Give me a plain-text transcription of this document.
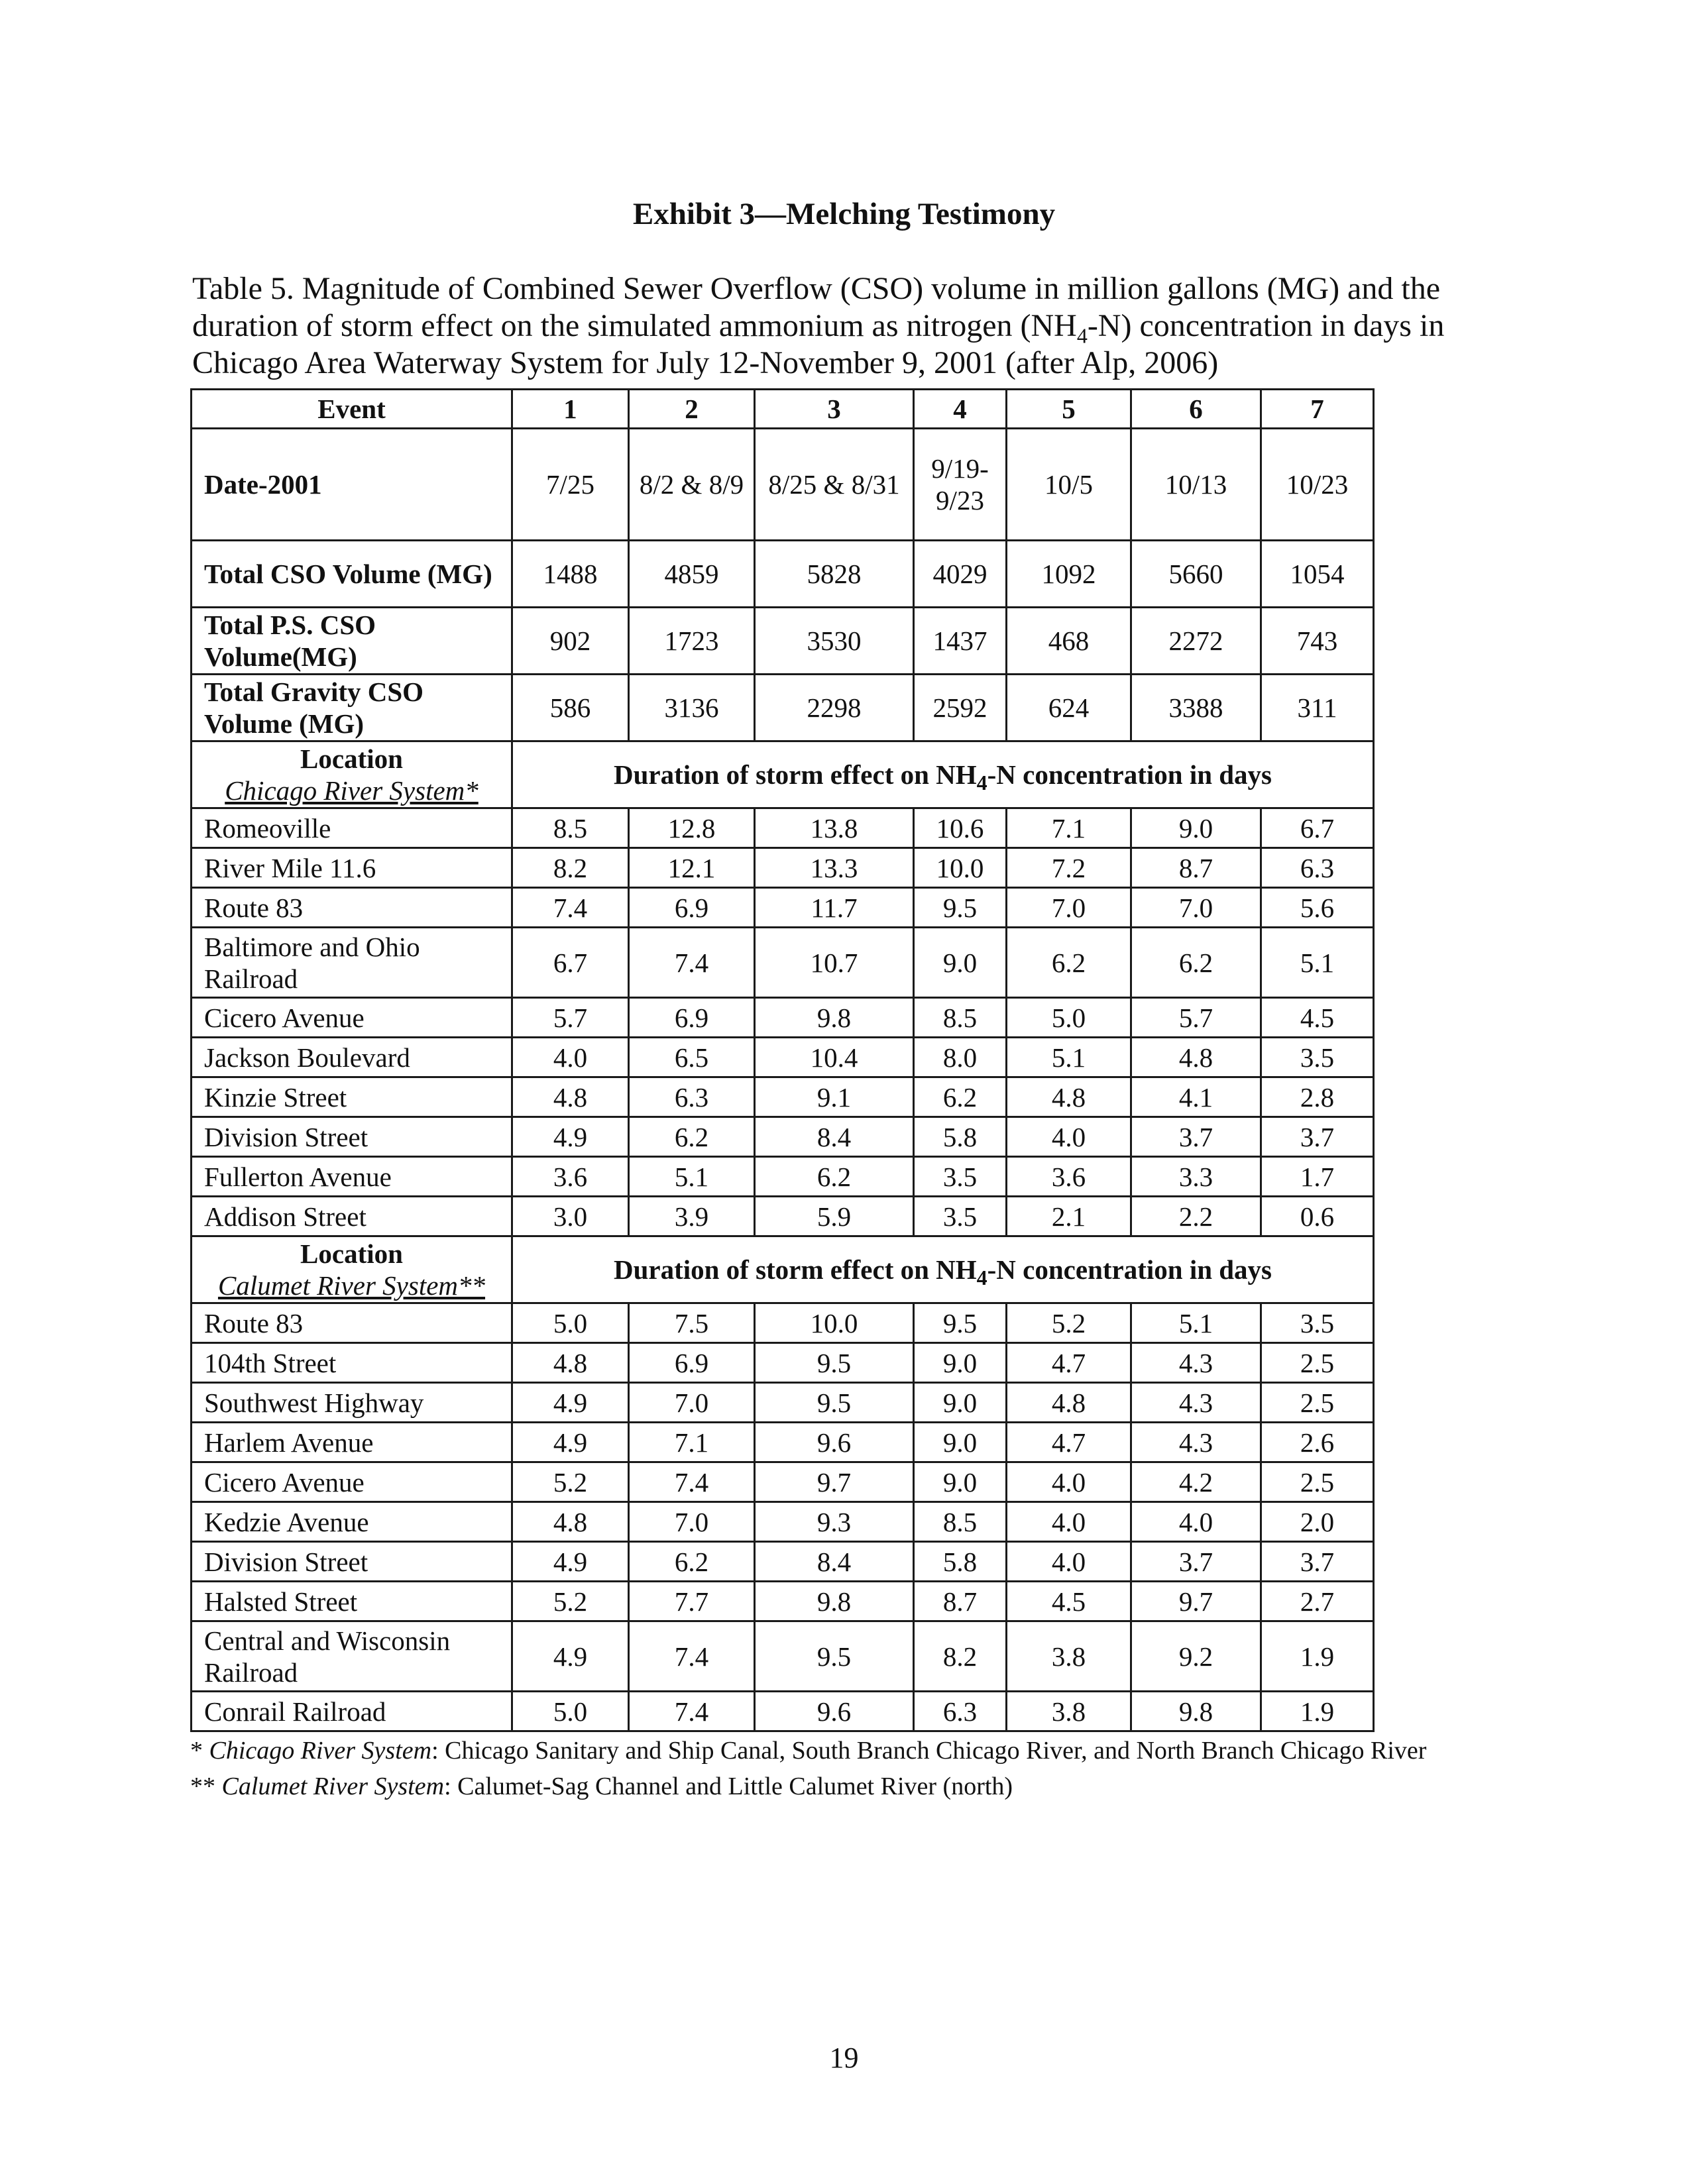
Exhibit 3—Melching Testimony
Table 5. Magnitude of Combined Sewer Overflow (CSO) volume in million gallons (MG) and the duration of storm effect on the simulated ammonium as nitrogen $(NH_4-N)$ concentration in days in Chicago Area Waterway System for July 12-November 9, 2001 (after Alp, 2006)
Event	1	2	3	4	5	6	7
Date-2001	7/25	8/2 & 8/9	8/25 & 8/31	9/19-9/23	10/5	10/13	10/23
Total CSO Volume (MG)	1488	4859	5828	4029	1092	5660	1054
Total P.S. CSO Volume(MG)	902	1723	3530	1437	468	2272	743
Total Gravity CSO Volume (MG)	586	3136	2298	2592	624	3388	311

Location
Chicago River System*	Duration of storm effect on $NH_4-N$ concentration in days						
Romeoville	8.5	12.8	13.8	10.6	7.1	9.0	6.7
River Mile 11.6	8.2	12.1	13.3	10.0	7.2	8.7	6.3
Route 83	7.4	6.9	11.7	9.5	7.0	7.0	5.6
Baltimore and Ohio Railroad	6.7	7.4	10.7	9.0	6.2	6.2	5.1
Cicero Avenue	5.7	6.9	9.8	8.5	5.0	5.7	4.5
Jackson Boulevard	4.0	6.5	10.4	8.0	5.1	4.8	3.5
Kinzie Street	4.8	6.3	9.1	6.2	4.8	4.1	2.8
Division Street	4.9	6.2	8.4	5.8	4.0	3.7	3.7
Fullerton Avenue	3.6	5.1	6.2	3.5	3.6	3.3	1.7
Addison Street	3.0	3.9	5.9	3.5	2.1	2.2	0.6

Location
Calumet River System**	Duration of storm effect on $NH_4-N$ concentration in days						
Route 83	5.0	7.5	10.0	9.5	5.2	5.1	3.5
104th Street	4.8	6.9	9.5	9.0	4.7	4.3	2.5
Southwest Highway	4.9	7.0	9.5	9.0	4.8	4.3	2.5
Harlem Avenue	4.9	7.1	9.6	9.0	4.7	4.3	2.6
Cicero Avenue	5.2	7.4	9.7	9.0	4.0	4.2	2.5
Kedzie Avenue	4.8	7.0	9.3	8.5	4.0	4.0	2.0
Division Street	4.9	6.2	8.4	5.8	4.0	3.7	3.7
Halsted Street	5.2	7.7	9.8	8.7	4.5	9.7	2.7
Central and Wisconsin Railroad	4.9	7.4	9.5	8.2	3.8	9.2	1.9
Conrail Railroad	5.0	7.4	9.6	6.3	3.8	9.8	1.9
* Chicago River System: Chicago Sanitary and Ship Canal, South Branch Chicago River, and North Branch Chicago River
** Calumet River System: Calumet-Sag Channel and Little Calumet River (north)
19
